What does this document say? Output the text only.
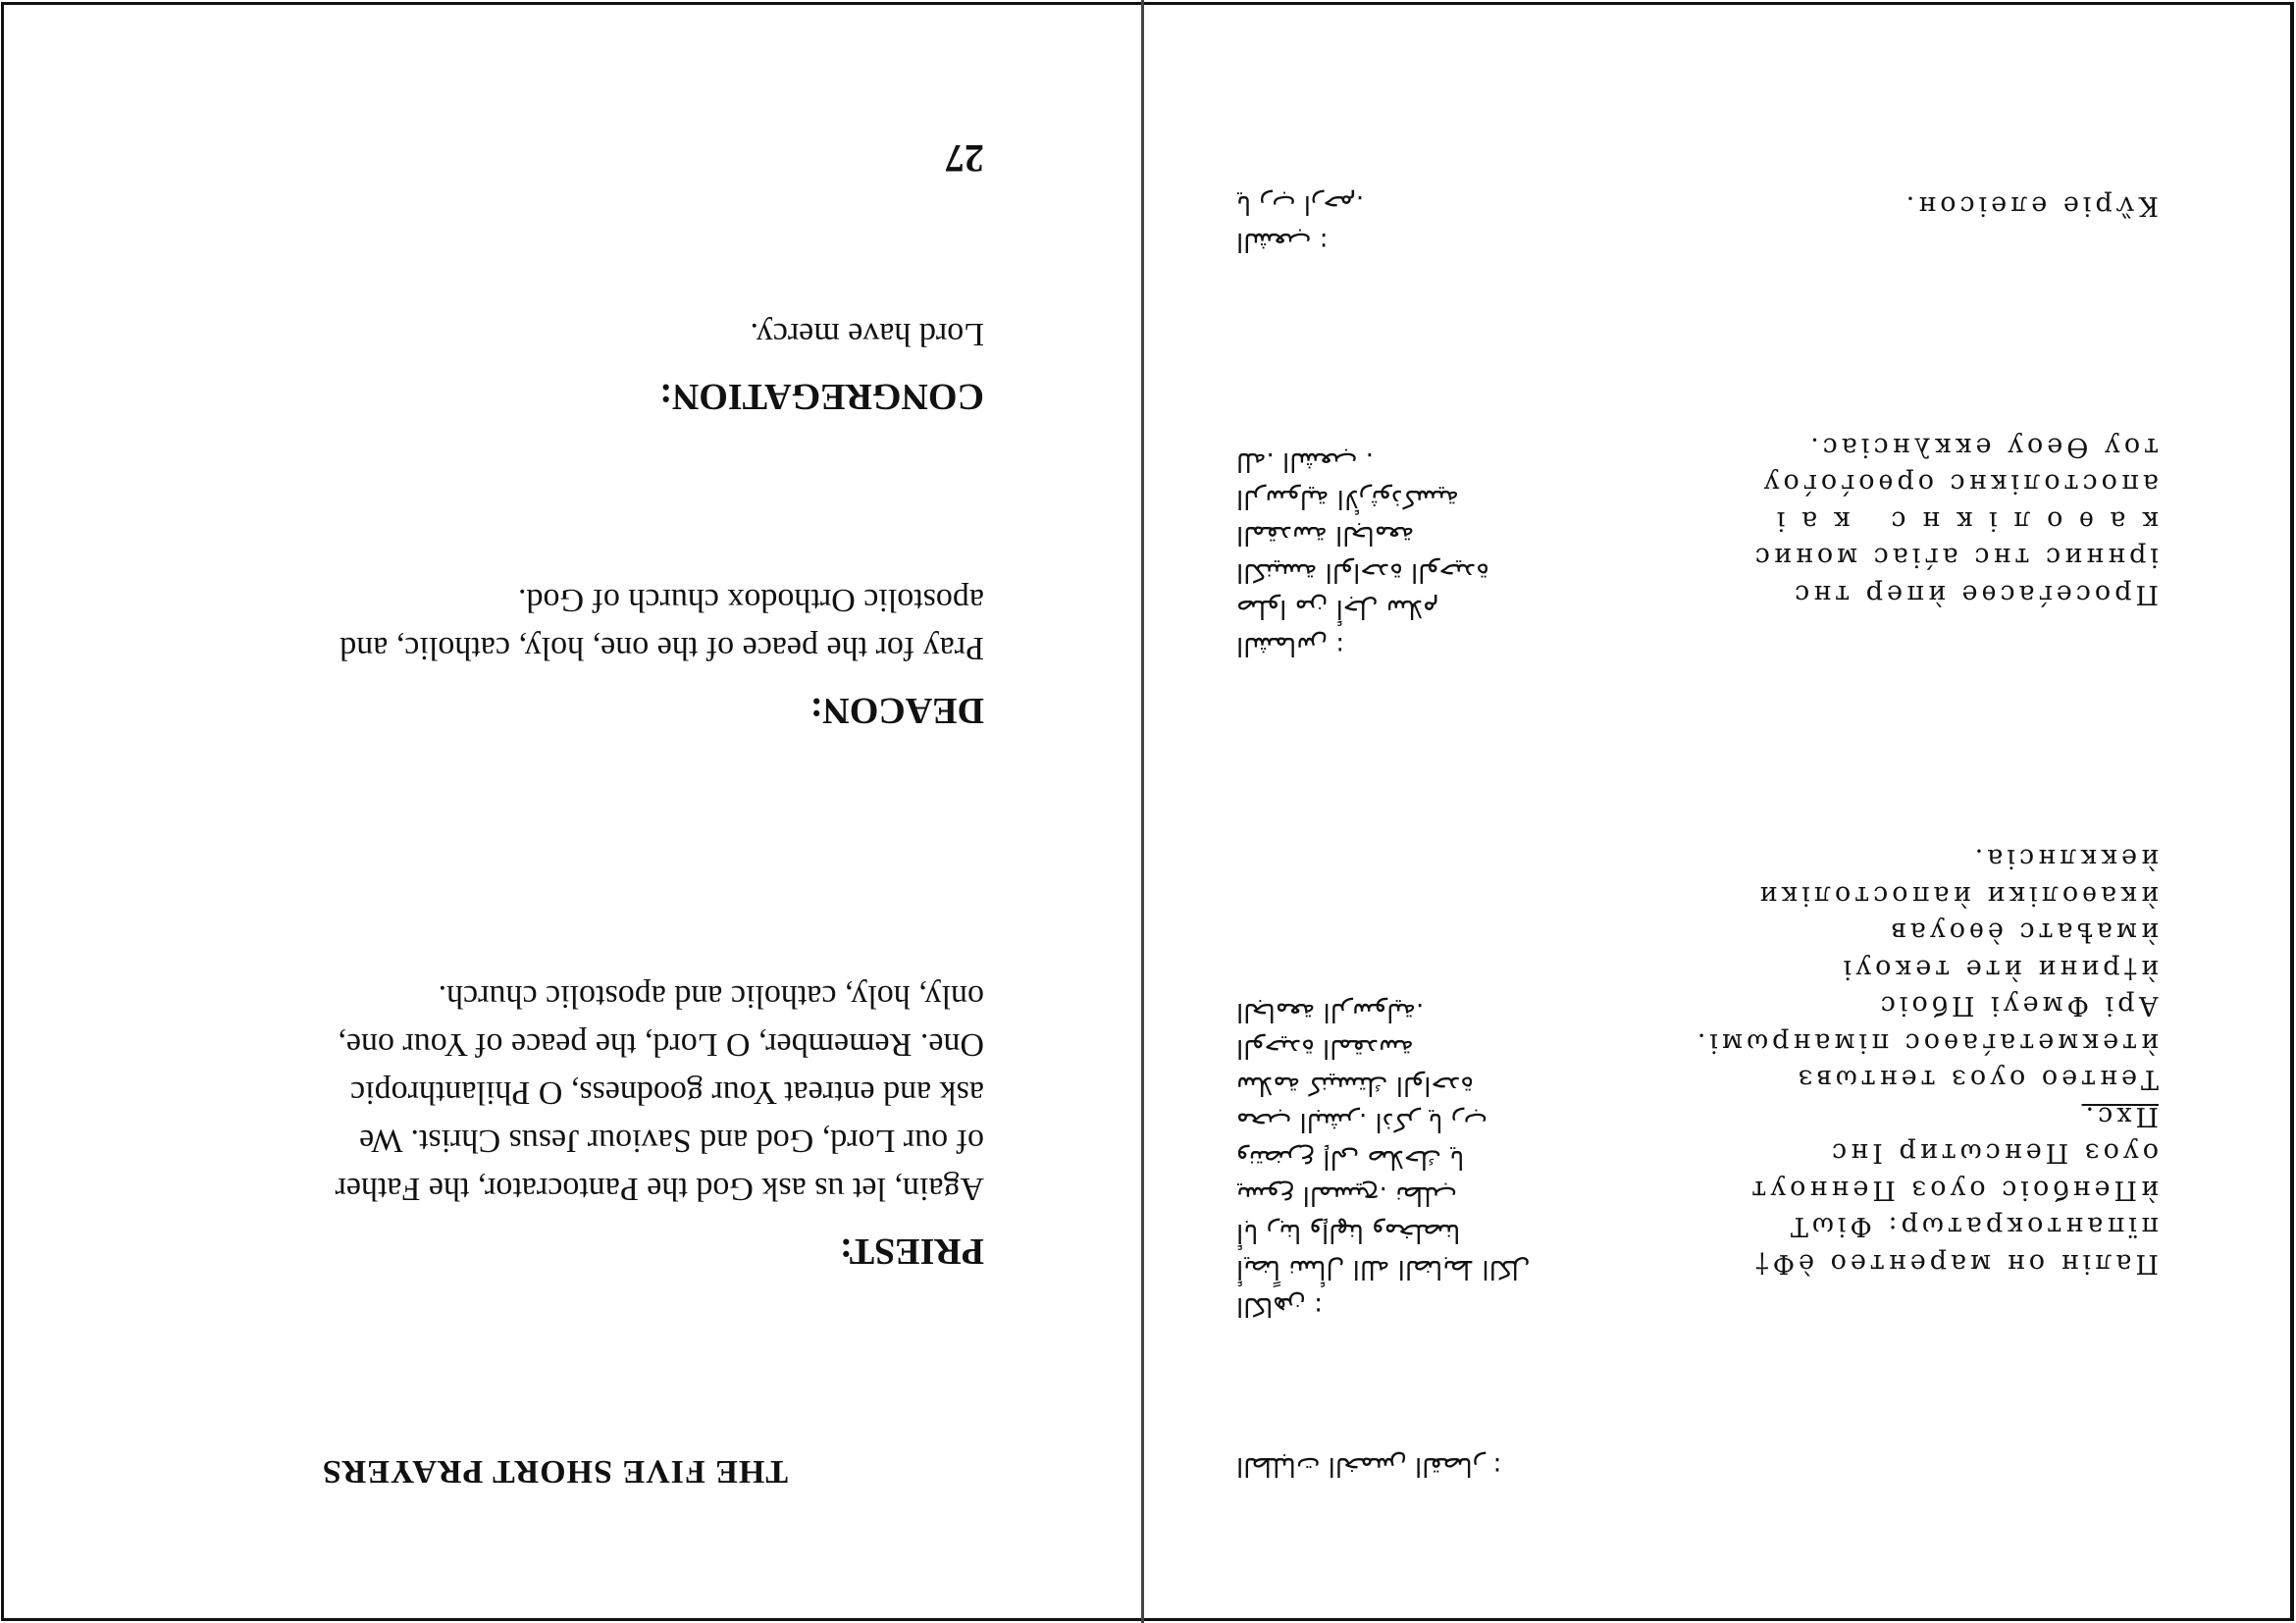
الطلبات الخمس القصار :
Палін он марентео ѐФ†
пїпантократωр: ФiωT
ѝПенбоіс оуоз Пенноут
оуоз Пенсωтир Інс
Пхс.
Тентео оуоз тентωвз
ѝтекметаѓаѳос піманрωмі.
Арі Фмеуі Пбоіс
ѝ†рини ѝте текоуі
ѝмаѣатс ѐѳоуав
ѝкаѳоліки ѝапостоліки
ѝекклнсіа.
الكاهن :
أيضاً نسأل الله الضابط الكل
أبا ربنا وإلهنا ومخلصنا
يسوع المسيح. نطلب
ونتضرع إلى صلاحك يا
محب البشر. اذكر يا رب
سلامة كنيستك الواحدة
الوحيدة المقدسة
الجامعة الرسولية.
Просеѓаcѳе ѝпер тнс
ірннис тнс аѓіас монис
к а ѳ о л і к н с   к а і
апостолікнс орѳоѓоѓоу
тоу Ѳеоу еккλнсіас.
الشماس :
صلوا من أجل سلام
الكنيسة الواحدة الوحيدة
المقدسة الجامعة
الرسولية الأرثوذكسية
لله. الشعب .
Кѷріе елеісон.
الشعب :
يا رب ارحم.
THE FIVE SHORT PRAYERS
PRIEST:
Again, let us ask God the Pantocrator, the Father
of our Lord, God and Saviour Jesus Christ. We
ask and entreat Your goodness, O Philanthropic
One. Remember, O Lord, the peace of Your one,
only, holy, catholic and apostolic church.
DEACON:
Pray for the peace of the one, holy, catholic, and
apostolic Orthodox church of God.
CONGREGATION:
Lord have mercy.
27
